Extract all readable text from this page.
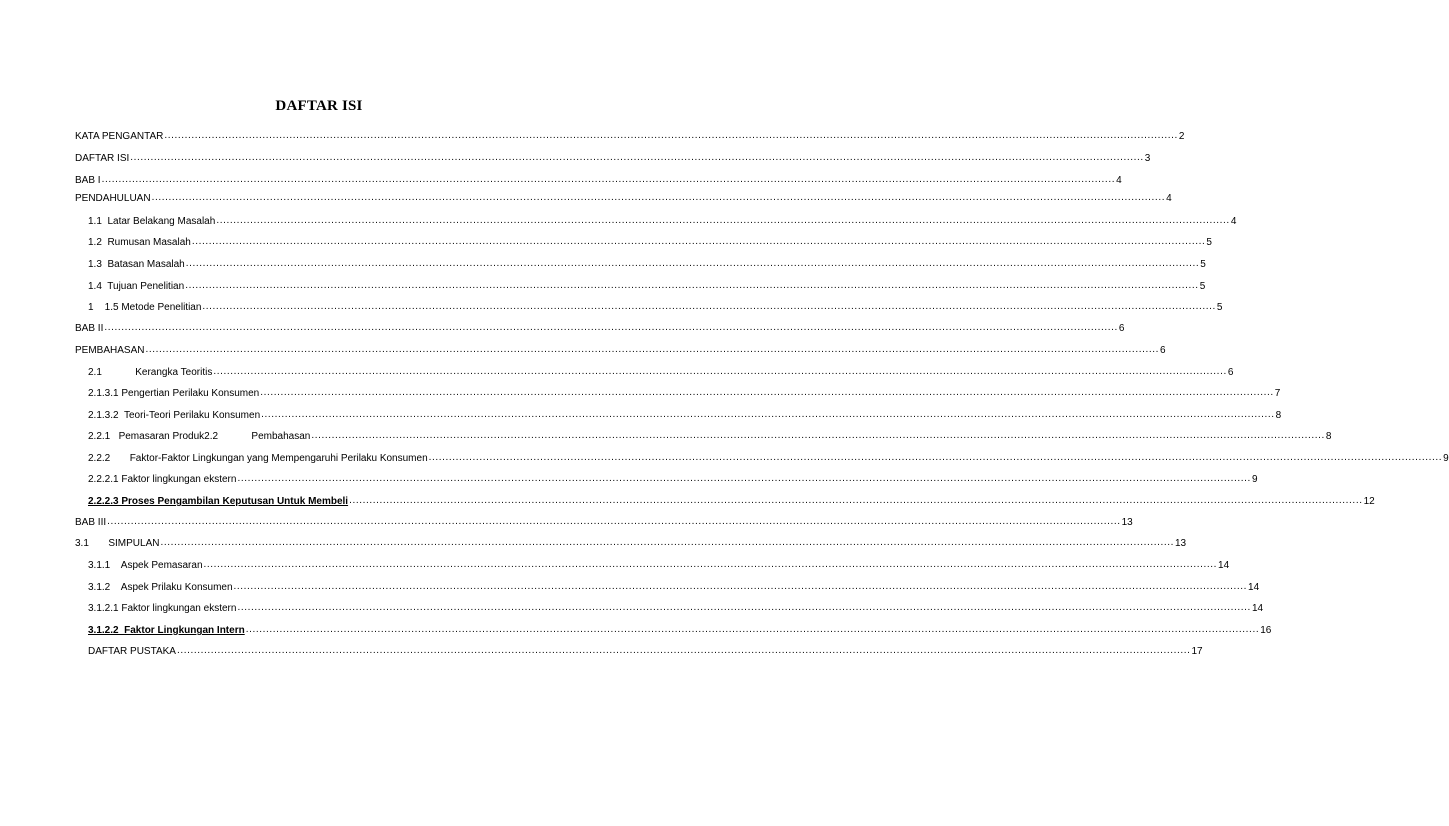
DAFTAR ISI
KATA PENGANTAR ............................................................................................................................................................................................................................................................................................................ 2
DAFTAR ISI ............................................................................................................................................................................................................................................................................................................ 3
BAB I ............................................................................................................................................................................................................................................................................................................ 4
PENDAHULUAN ............................................................................................................................................................................................................................................................................................................ 4
1.1  Latar Belakang Masalah ............................................................................................................................................................................................................................................................................................................ 4
1.2  Rumusan Masalah ............................................................................................................................................................................................................................................................................................................ 5
1.3  Batasan Masalah ............................................................................................................................................................................................................................................................................................................ 5
1.4  Tujuan Penelitian ............................................................................................................................................................................................................................................................................................................ 5
1    1.5 Metode Penelitian ............................................................................................................................................................................................................................................................................................................ 5
BAB II ............................................................................................................................................................................................................................................................................................................ 6
PEMBAHASAN ............................................................................................................................................................................................................................................................................................................ 6
2.1            Kerangka Teoritis ............................................................................................................................................................................................................................................................................................................ 6
2.1.3.1 Pengertian Perilaku Konsumen ............................................................................................................................................................................................................................................................................................................ 7
2.1.3.2  Teori-Teori Perilaku Konsumen ............................................................................................................................................................................................................................................................................................................ 8
2.2.1   Pemasaran Produk2.2            Pembahasan ............................................................................................................................................................................................................................................................................................................ 8
2.2.2       Faktor-Faktor Lingkungan yang Mempengaruhi Perilaku Konsumen ............................................................................................................................................................................................................................................................................................................ 9
2.2.2.1 Faktor lingkungan ekstern ............................................................................................................................................................................................................................................................................................................ 9
2.2.2.3 Proses Pengambilan Keputusan Untuk Membeli ............................................................................................................................................................................................................................................................................................................ 12
BAB III ............................................................................................................................................................................................................................................................................................................ 13
3.1       SIMPULAN ............................................................................................................................................................................................................................................................................................................ 13
3.1.1    Aspek Pemasaran ............................................................................................................................................................................................................................................................................................................ 14
3.1.2    Aspek Prilaku Konsumen ............................................................................................................................................................................................................................................................................................................ 14
3.1.2.1 Faktor lingkungan ekstern ............................................................................................................................................................................................................................................................................................................ 14
3.1.2.2  Faktor Lingkungan Intern ............................................................................................................................................................................................................................................................................................................ 16
DAFTAR PUSTAKA ............................................................................................................................................................................................................................................................................................................ 17
